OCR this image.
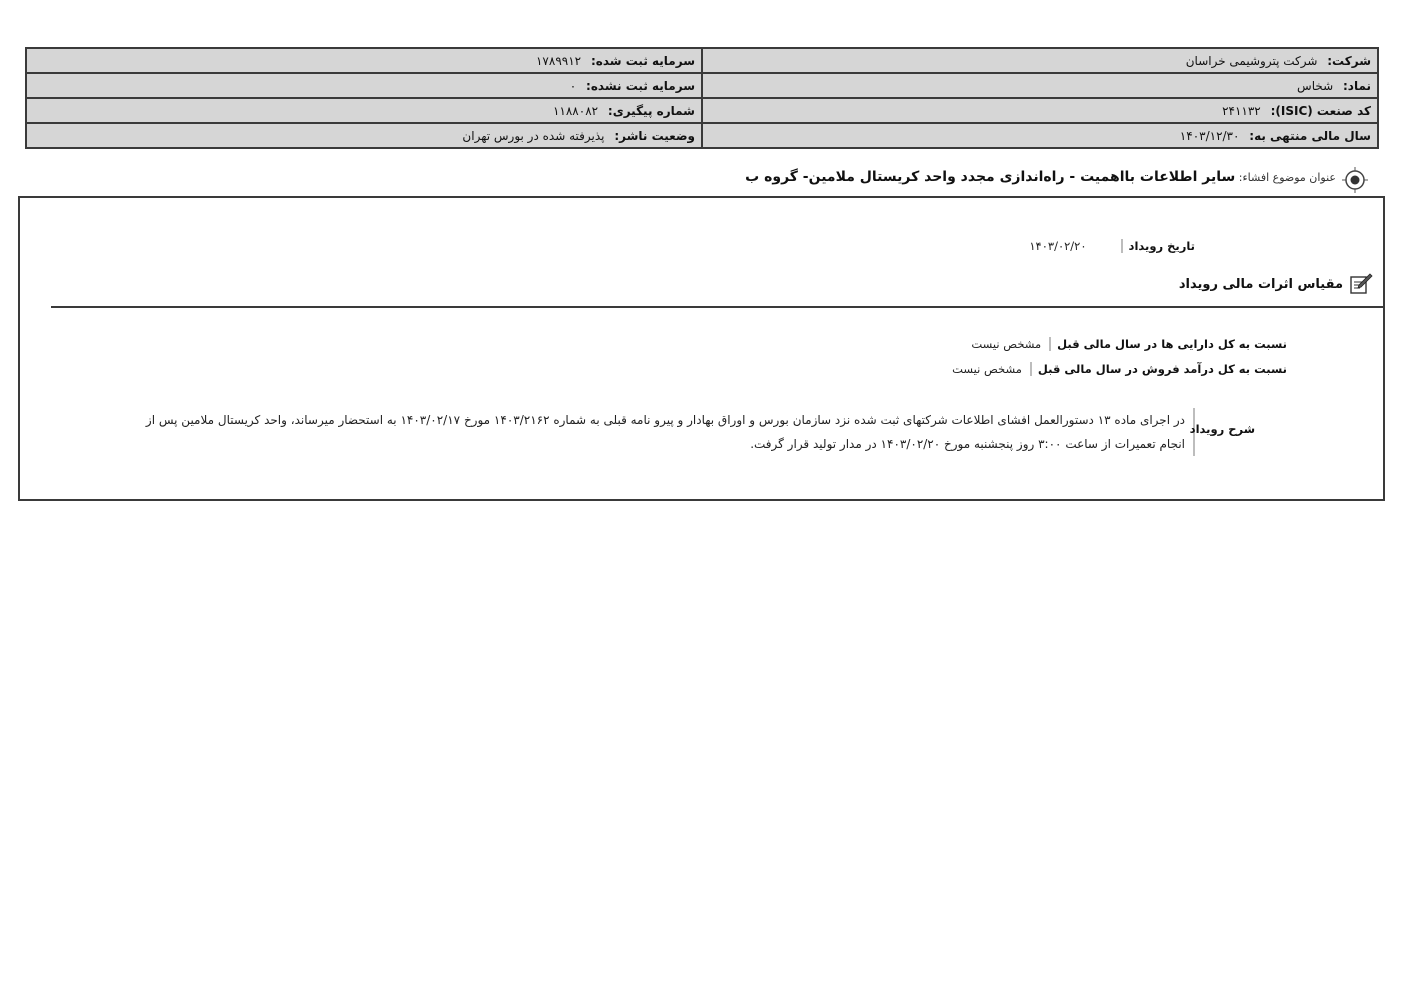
شرکت: شرکت پتروشیمی خراسان	سرمایه ثبت شده: ۱۷۸۹۹۱۲
نماد: شخاس	سرمایه ثبت نشده: ۰
کد صنعت (ISIC): ۲۴۱۱۳۲	شماره پیگیری: ۱۱۸۸۰۸۲
سال مالی منتهی به: ۱۴۰۳/۱۲/۳۰	وضعیت ناشر: پذیرفته شده در بورس تهران
عنوان موضوع افشاء: سایر اطلاعات بااهمیت - راه‌اندازی مجدد واحد کریستال ملامین- گروه ب
تاریخ رویداد
۱۴۰۳/۰۲/۲۰
مقیاس اثرات مالی رویداد
نسبت به کل دارایی ها در سال مالی قبل
مشخص نیست
نسبت به کل درآمد فروش در سال مالی قبل
مشخص نیست
شرح رویداد
در اجرای ماده ۱۳ دستورالعمل افشای اطلاعات شرکتهای ثبت شده نزد سازمان بورس و اوراق بهادار و پیرو نامه قبلی به شماره ۱۴۰۳/۲۱۶۲ مورخ ۱۴۰۳/۰۲/۱۷ به استحضار میرساند، واحد کریستال ملامین پس از انجام تعمیرات از ساعت ۳:۰۰ روز پنجشنبه مورخ ۱۴۰۳/۰۲/۲۰ در مدار تولید قرار گرفت.
